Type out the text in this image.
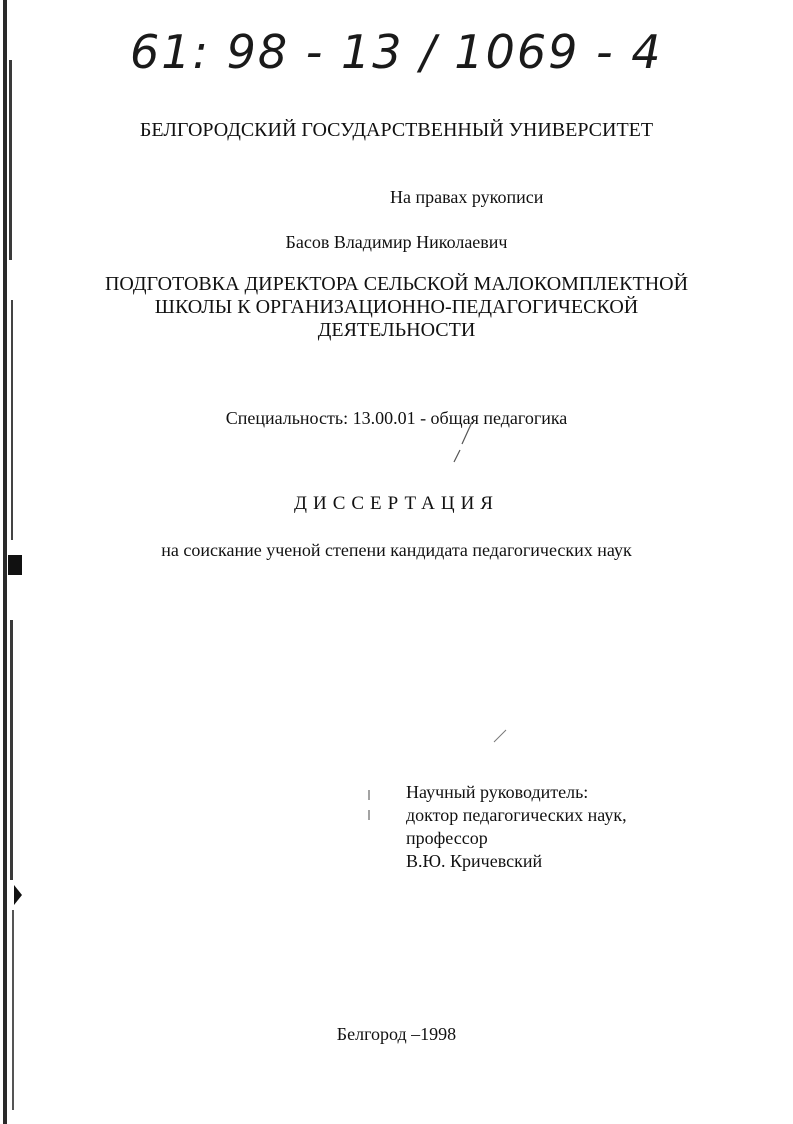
61: 98 - 13 / 1069 - 4
БЕЛГОРОДСКИЙ ГОСУДАРСТВЕННЫЙ УНИВЕРСИТЕТ
На правах рукописи
Басов Владимир Николаевич
ПОДГОТОВКА ДИРЕКТОРА СЕЛЬСКОЙ МАЛОКОМПЛЕКТНОЙ
ШКОЛЫ К ОРГАНИЗАЦИОННО-ПЕДАГОГИЧЕСКОЙ
ДЕЯТЕЛЬНОСТИ
Специальность: 13.00.01 - общая педагогика
ДИССЕРТАЦИЯ
на соискание ученой степени кандидата педагогических наук
Научный руководитель:
доктор педагогических наук,
профессор
В.Ю. Кричевский
Белгород –1998
